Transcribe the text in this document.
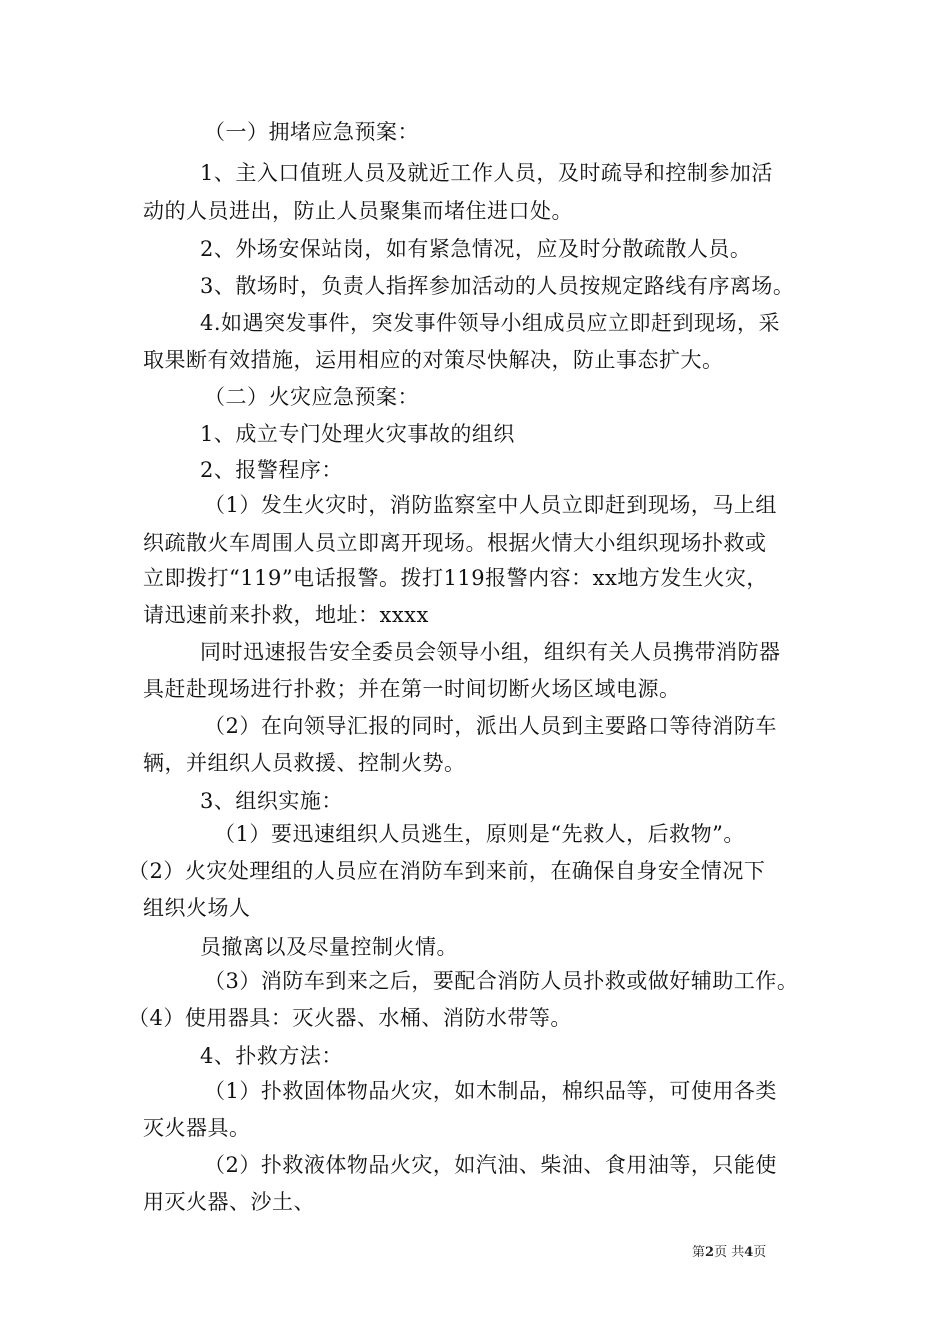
（一）拥堵应急预案：
1、主入口值班人员及就近工作人员，及时疏导和控制参加活
动的人员进出，防止人员聚集而堵住进口处。
2、外场安保站岗，如有紧急情况，应及时分散疏散人员。
3、散场时，负责人指挥参加活动的人员按规定路线有序离场。
4.如遇突发事件，突发事件领导小组成员应立即赶到现场，采
取果断有效措施，运用相应的对策尽快解决，防止事态扩大。
（二）火灾应急预案：
1、成立专门处理火灾事故的组织
2、报警程序：
（1）发生火灾时，消防监察室中人员立即赶到现场，马上组
织疏散火车周围人员立即离开现场。根据火情大小组织现场扑救或
立即拨打“119”电话报警。拨打119报警内容：xx地方发生火灾，
请迅速前来扑救，地址：xxxx
同时迅速报告安全委员会领导小组，组织有关人员携带消防器
具赶赴现场进行扑救；并在第一时间切断火场区域电源。
（2）在向领导汇报的同时，派出人员到主要路口等待消防车
辆，并组织人员救援、控制火势。
3、组织实施：
（1）要迅速组织人员逃生，原则是“先救人，后救物”。
（2）火灾处理组的人员应在消防车到来前，在确保自身安全情况下
组织火场人
员撤离以及尽量控制火情。
（3）消防车到来之后，要配合消防人员扑救或做好辅助工作。
（4）使用器具：灭火器、水桶、消防水带等。
4、扑救方法：
（1）扑救固体物品火灾，如木制品，棉织品等，可使用各类
灭火器具。
（2）扑救液体物品火灾，如汽油、柴油、食用油等，只能使
用灭火器、沙土、
第2页 共4页
